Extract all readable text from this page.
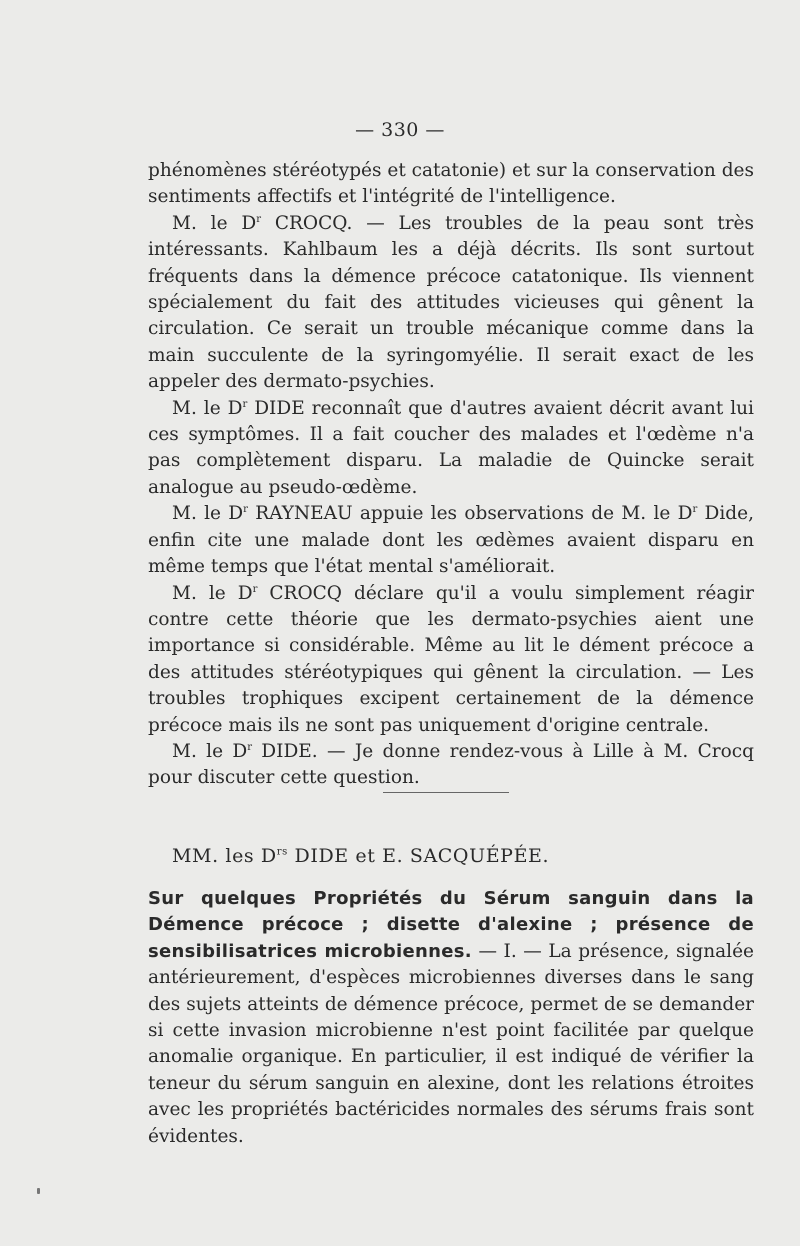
— 330 —

phénomènes stéréotypés et catatonie) et sur la conservation des sentiments affectifs et l'intégrité de l'intelligence.

M. le $D^r$ CROCQ. — Les troubles de la peau sont très intéressants. Kahlbaum les a déjà décrits. Ils sont surtout fréquents dans la démence précoce catatonique. Ils viennent spécialement du fait des attitudes vicieuses qui gênent la circulation. Ce serait un trouble mécanique comme dans la main succulente de la syringomyélie. Il serait exact de les appeler des dermato-psychies.

M. le $D^r$ DIDE reconnaît que d'autres avaient décrit avant lui ces symptômes. Il a fait coucher des malades et l'œdème n'a pas complètement disparu. La maladie de Quincke serait analogue au pseudo-œdème.

M. le $D^r$ RAYNEAU appuie les observations de M. le $D^r$ Dide, enfin cite une malade dont les œdèmes avaient disparu en même temps que l'état mental s'améliorait.

M. le $D^r$ CROCQ déclare qu'il a voulu simplement réagir contre cette théorie que les dermato-psychies aient une importance si considérable. Même au lit le dément précoce a des attitudes stéréotypiques qui gênent la circulation. — Les troubles trophiques excipent certainement de la démence précoce mais ils ne sont pas uniquement d'origine centrale.

M. le $D^r$ DIDE. — Je donne rendez-vous à Lille à M. Crocq pour discuter cette question.

MM. les $D^{rs}$ DIDE et E. SACQUÉPÉE.

Sur quelques Propriétés du Sérum sanguin dans la Démence précoce ; disette d'alexine ; présence de sensibilisatrices microbiennes. — I. — La présence, signalée antérieurement, d'espèces microbiennes diverses dans le sang des sujets atteints de démence précoce, permet de se demander si cette invasion microbienne n'est point facilitée par quelque anomalie organique. En particulier, il est indiqué de vérifier la teneur du sérum sanguin en alexine, dont les relations étroites avec les propriétés bactéricides normales des sérums frais sont évidentes.
